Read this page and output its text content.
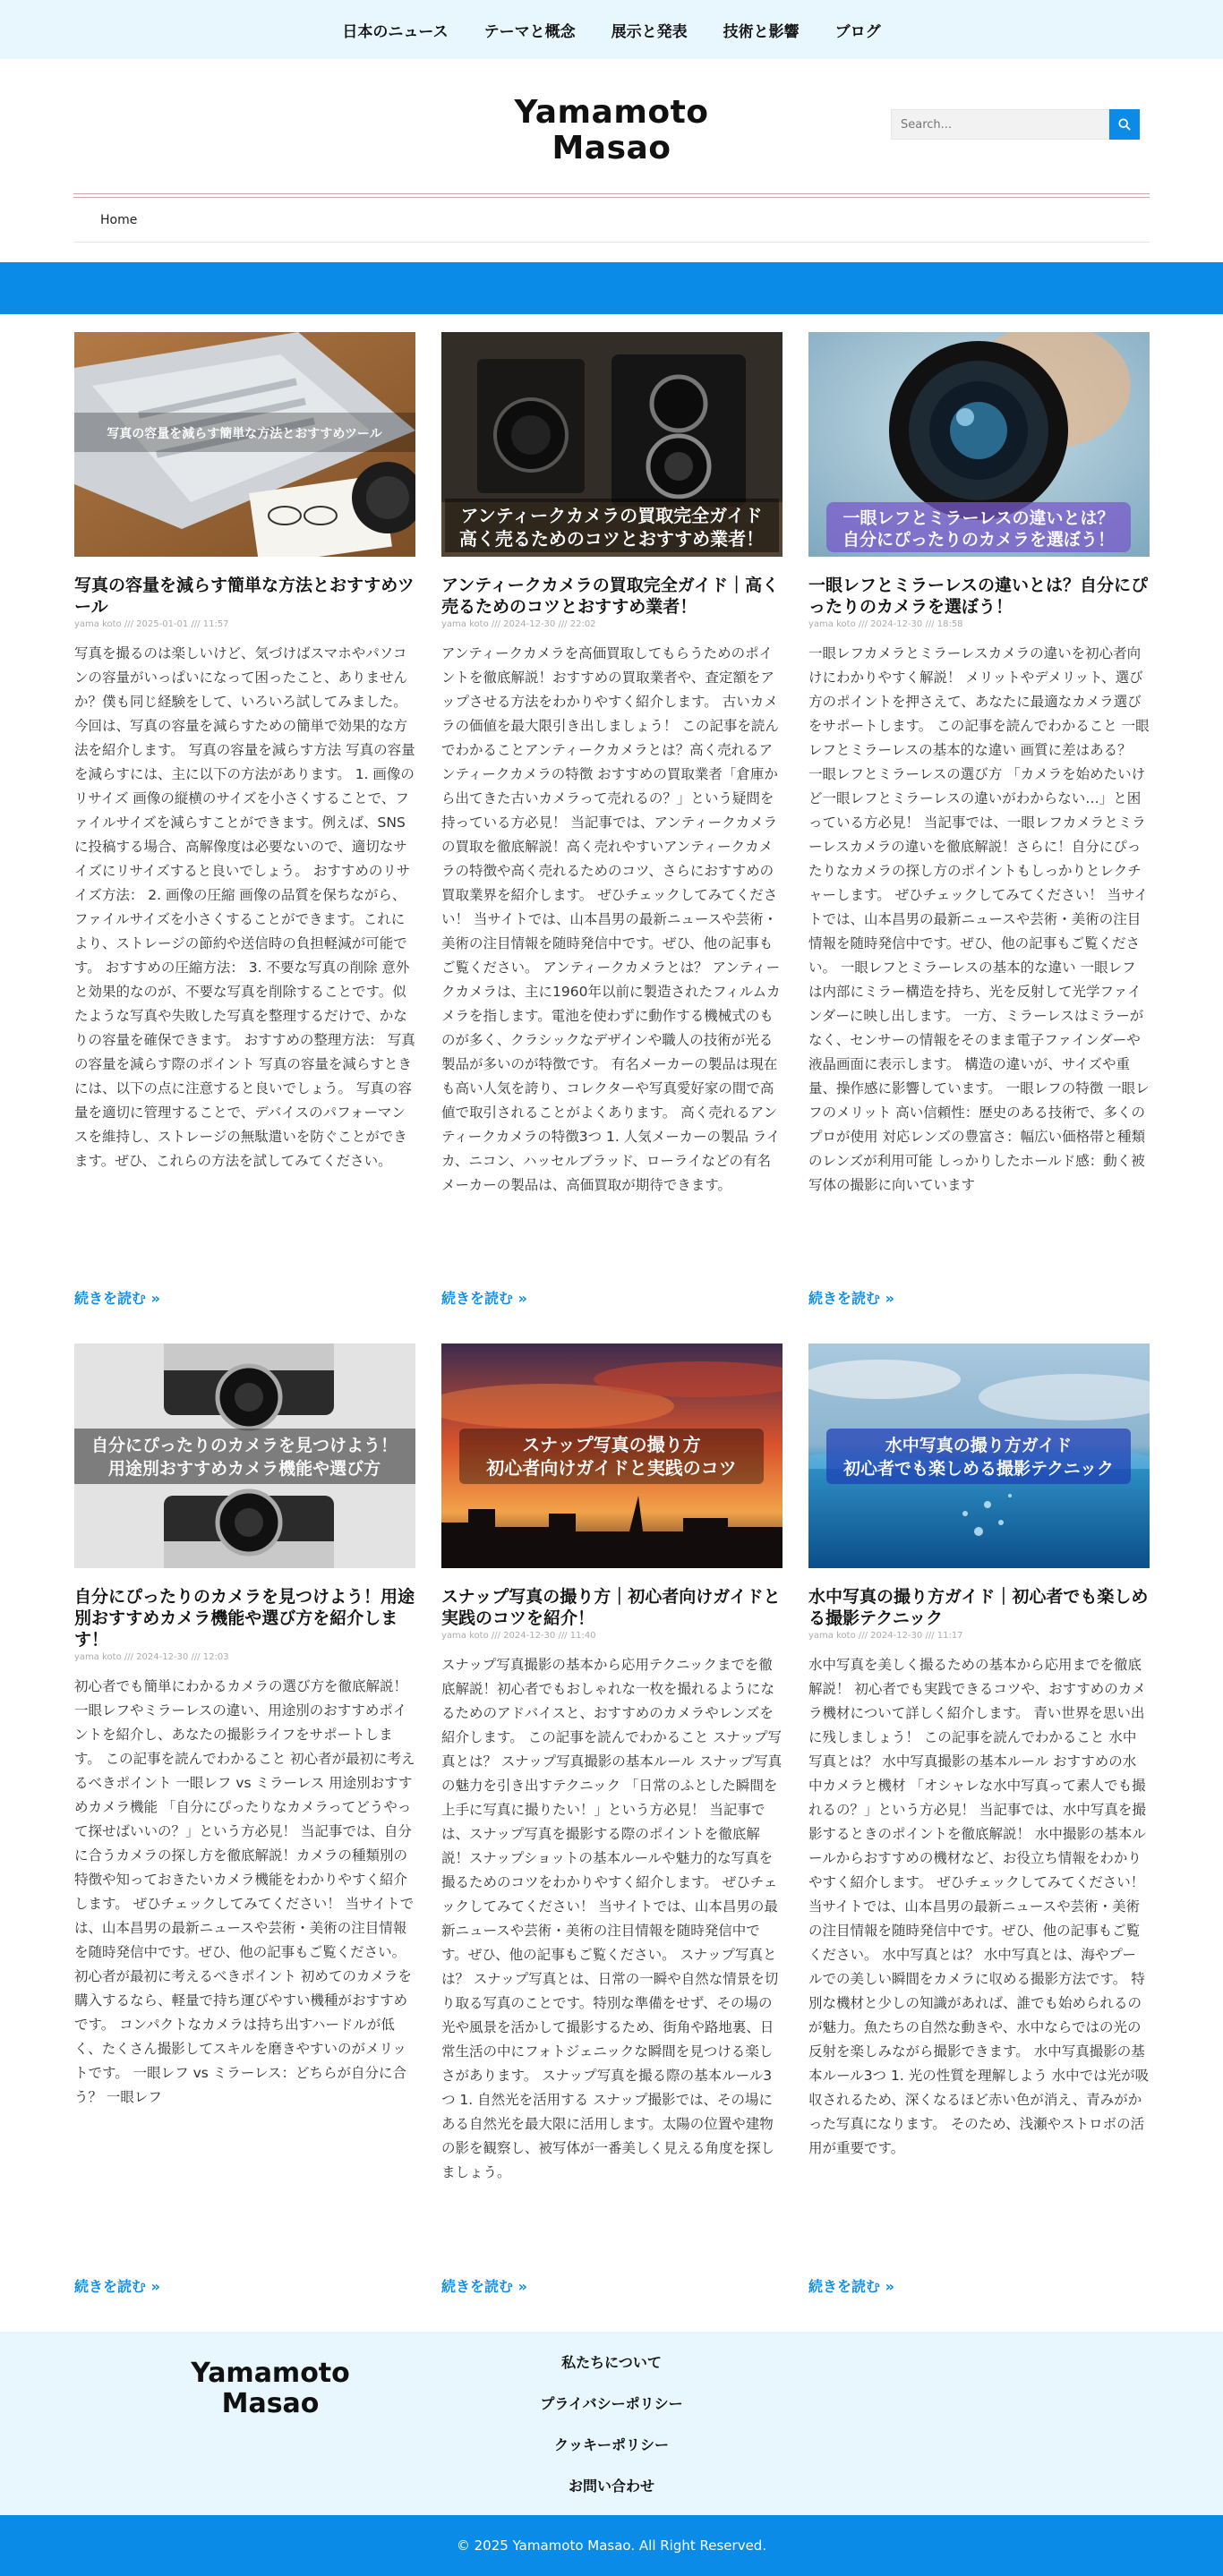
日本のニュース テーマと概念 展示と発表 技術と影響 ブログ
Yamamoto
Masao
Search...
Home
写真の容量を減らす簡単な方法とおすすめツール
写真の容量を減らす簡単な方法とおすすめツール
yama koto /// 2025-01-01 /// 11:57

写真を撮るのは楽しいけど、気づけばスマホやパソコンの容量がいっぱいになって困ったこと、ありませんか？僕も同じ経験をして、いろいろ試してみました。今回は、写真の容量を減らすための簡単で効果的な方法を紹介します。 写真の容量を減らす方法 写真の容量を減らすには、主に以下の方法があります。 1. 画像のリサイズ 画像の縦横のサイズを小さくすることで、ファイルサイズを減らすことができます。例えば、SNSに投稿する場合、高解像度は必要ないので、適切なサイズにリサイズすると良いでしょう。 おすすめのリサイズ方法： 2. 画像の圧縮 画像の品質を保ちながら、ファイルサイズを小さくすることができます。これにより、ストレージの節約や送信時の負担軽減が可能です。 おすすめの圧縮方法： 3. 不要な写真の削除 意外と効果的なのが、不要な写真を削除することです。似たような写真や失敗した写真を整理するだけで、かなりの容量を確保できます。 おすすめの整理方法： 写真の容量を減らす際のポイント 写真の容量を減らすときには、以下の点に注意すると良いでしょう。 写真の容量を適切に管理することで、デバイスのパフォーマンスを維持し、ストレージの無駄遣いを防ぐことができます。ぜひ、これらの方法を試してみてください。

続きを読む »
アンティークカメラの買取完全ガイド
高く売るためのコツとおすすめ業者！
アンティークカメラの買取完全ガイド｜高く売るためのコツとおすすめ業者！
yama koto /// 2024-12-30 /// 22:02

アンティークカメラを高価買取してもらうためのポイントを徹底解説！おすすめの買取業者や、査定額をアップさせる方法をわかりやすく紹介します。 古いカメラの価値を最大限引き出しましょう！ この記事を読んでわかることアンティークカメラとは？高く売れるアンティークカメラの特徴 おすすめの買取業者「倉庫から出てきた古いカメラって売れるの？」という疑問を持っている方必見！ 当記事では、アンティークカメラの買取を徹底解説！高く売れやすいアンティークカメラの特徴や高く売れるためのコツ、さらにおすすめの買取業界を紹介します。 ぜひチェックしてみてください！ 当サイトでは、山本昌男の最新ニュースや芸術・美術の注目情報を随時発信中です。ぜひ、他の記事もご覧ください。 アンティークカメラとは？ アンティークカメラは、主に1960年以前に製造されたフィルムカメラを指します。電池を使わずに動作する機械式のものが多く、クラシックなデザインや職人の技術が光る製品が多いのが特徴です。 有名メーカーの製品は現在も高い人気を誇り、コレクターや写真愛好家の間で高値で取引されることがよくあります。 高く売れるアンティークカメラの特徴3つ 1. 人気メーカーの製品 ライカ、ニコン、ハッセルブラッド、ローライなどの有名メーカーの製品は、高価買取が期待できます。

続きを読む »
一眼レフとミラーレスの違いとは？
自分にぴったりのカメラを選ぼう！
一眼レフとミラーレスの違いとは？自分にぴったりのカメラを選ぼう！
yama koto /// 2024-12-30 /// 18:58

一眼レフカメラとミラーレスカメラの違いを初心者向けにわかりやすく解説！ メリットやデメリット、選び方のポイントを押さえて、あなたに最適なカメラ選びをサポートします。 この記事を読んでわかること 一眼レフとミラーレスの基本的な違い 画質に差はある？ 一眼レフとミラーレスの選び方 「カメラを始めたいけど一眼レフとミラーレスの違いがわからない…」と困っている方必見！ 当記事では、一眼レフカメラとミラーレスカメラの違いを徹底解説！さらに！自分にぴったりなカメラの探し方のポイントもしっかりとレクチャーします。 ぜひチェックしてみてください！ 当サイトでは、山本昌男の最新ニュースや芸術・美術の注目情報を随時発信中です。ぜひ、他の記事もご覧ください。 一眼レフとミラーレスの基本的な違い 一眼レフは内部にミラー構造を持ち、光を反射して光学ファインダーに映し出します。 一方、ミラーレスはミラーがなく、センサーの情報をそのまま電子ファインダーや液晶画面に表示します。 構造の違いが、サイズや重量、操作感に影響しています。 一眼レフの特徴 一眼レフのメリット 高い信頼性：歴史のある技術で、多くのプロが使用 対応レンズの豊富さ：幅広い価格帯と種類のレンズが利用可能 しっかりしたホールド感：動く被写体の撮影に向いています

続きを読む »
自分にぴったりのカメラを見つけよう！
用途別おすすめカメラ機能や選び方
自分にぴったりのカメラを見つけよう！用途別おすすめカメラ機能や選び方を紹介します！
yama koto /// 2024-12-30 /// 12:03

初心者でも簡単にわかるカメラの選び方を徹底解説！一眼レフやミラーレスの違い、用途別のおすすめポイントを紹介し、あなたの撮影ライフをサポートします。 この記事を読んでわかること 初心者が最初に考えるべきポイント 一眼レフ vs ミラーレス 用途別おすすめカメラ機能 「自分にぴったりなカメラってどうやって探せばいいの？」という方必見！ 当記事では、自分に合うカメラの探し方を徹底解説！カメラの種類別の特徴や知っておきたいカメラ機能をわかりやすく紹介します。 ぜひチェックしてみてください！ 当サイトでは、山本昌男の最新ニュースや芸術・美術の注目情報を随時発信中です。ぜひ、他の記事もご覧ください。 初心者が最初に考えるべきポイント 初めてのカメラを購入するなら、軽量で持ち運びやすい機種がおすすめです。 コンパクトなカメラは持ち出すハードルが低く、たくさん撮影してスキルを磨きやすいのがメリットです。 一眼レフ vs ミラーレス：どちらが自分に合う？ 一眼レフ

続きを読む »
スナップ写真の撮り方
初心者向けガイドと実践のコツ
スナップ写真の撮り方｜初心者向けガイドと実践のコツを紹介！
yama koto /// 2024-12-30 /// 11:40

スナップ写真撮影の基本から応用テクニックまでを徹底解説！初心者でもおしゃれな一枚を撮れるようになるためのアドバイスと、おすすめのカメラやレンズを紹介します。 この記事を読んでわかること スナップ写真とは？ スナップ写真撮影の基本ルール スナップ写真の魅力を引き出すテクニック 「日常のふとした瞬間を上手に写真に撮りたい！」という方必見！ 当記事では、スナップ写真を撮影する際のポイントを徹底解説！スナップショットの基本ルールや魅力的な写真を撮るためのコツをわかりやすく紹介します。 ぜひチェックしてみてください！ 当サイトでは、山本昌男の最新ニュースや芸術・美術の注目情報を随時発信中です。ぜひ、他の記事もご覧ください。 スナップ写真とは？ スナップ写真とは、日常の一瞬や自然な情景を切り取る写真のことです。特別な準備をせず、その場の光や風景を活かして撮影するため、街角や路地裏、日常生活の中にフォトジェニックな瞬間を見つける楽しさがあります。 スナップ写真を撮る際の基本ルール3つ 1. 自然光を活用する スナップ撮影では、その場にある自然光を最大限に活用します。太陽の位置や建物の影を観察し、被写体が一番美しく見える角度を探しましょう。

続きを読む »
水中写真の撮り方ガイド
初心者でも楽しめる撮影テクニック
水中写真の撮り方ガイド｜初心者でも楽しめる撮影テクニック
yama koto /// 2024-12-30 /// 11:17

水中写真を美しく撮るための基本から応用までを徹底解説！ 初心者でも実践できるコツや、おすすめのカメラ機材について詳しく紹介します。 青い世界を思い出に残しましょう！ この記事を読んでわかること 水中写真とは？ 水中写真撮影の基本ルール おすすめの水中カメラと機材 「オシャレな水中写真って素人でも撮れるの？」という方必見！ 当記事では、水中写真を撮影するときのポイントを徹底解説！ 水中撮影の基本ルールからおすすめの機材など、お役立ち情報をわかりやすく紹介します。 ぜひチェックしてみてください！ 当サイトでは、山本昌男の最新ニュースや芸術・美術の注目情報を随時発信中です。ぜひ、他の記事もご覧ください。 水中写真とは？ 水中写真とは、海やプールでの美しい瞬間をカメラに収める撮影方法です。 特別な機材と少しの知識があれば、誰でも始められるのが魅力。魚たちの自然な動きや、水中ならではの光の反射を楽しみながら撮影できます。 水中写真撮影の基本ルール3つ 1. 光の性質を理解しよう 水中では光が吸収されるため、深くなるほど赤い色が消え、青みがかった写真になります。 そのため、浅瀬やストロボの活用が重要です。

続きを読む »
Yamamoto
Masao
私たちについて
プライバシーポリシー
クッキーポリシー
お問い合わせ
© 2025 Yamamoto Masao. All Right Reserved.
